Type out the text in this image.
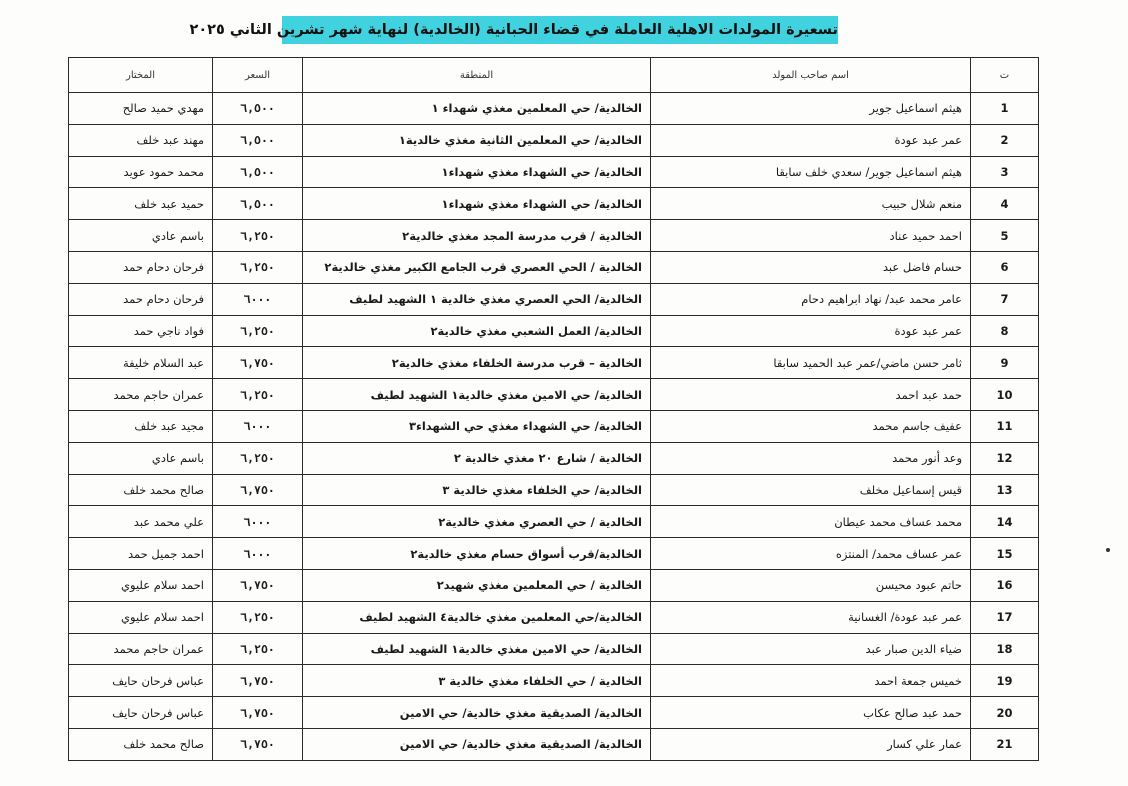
تسعيرة المولدات الاهلية العاملة في قضاء الحبانية (الخالدية) لنهاية شهر تشرين الثاني ٢٠٢٥
ت	اسم صاحب المولد	المنطقة	السعر	المختار
1	هيثم اسماعيل جوير	الخالدية/ حي المعلمين مغذي شهداء ١	٦,٥٠٠	مهدي حميد صالح
2	عمر عبد عودة	الخالدية/ حي المعلمين الثانية مغذي خالدية١	٦,٥٠٠	مهند عبد خلف
3	هيثم اسماعيل جوير/ سعدي خلف سابقا	الخالدية/ حي الشهداء مغذي شهداء١	٦,٥٠٠	محمد حمود عويد
4	منعم شلال حبيب	الخالدية/ حي الشهداء مغذي شهداء١	٦,٥٠٠	حميد عبد خلف
5	احمد حميد عناد	الخالدية / قرب مدرسة المجد مغذي خالدية٢	٦,٢٥٠	باسم عادي
6	حسام فاضل عبد	الخالدية / الحي العصري قرب الجامع الكبير مغذي خالدية٢	٦,٢٥٠	فرحان دحام حمد
7	عامر محمد عبد/ نهاد ابراهيم دحام	الخالدية/ الحي العصري مغذي خالدية ١ الشهيد لطيف	٦٠٠٠	فرحان دحام حمد
8	عمر عبد عودة	الخالدية/ العمل الشعبي مغذي خالدية٢	٦,٢٥٠	فواد ناجي حمد
9	ثامر حسن ماضي/عمر عبد الحميد سابقا	الخالدية – قرب مدرسة الخلفاء مغذي خالدية٢	٦,٧٥٠	عبد السلام خليفة
10	حمد عبد احمد	الخالدية/ حي الامين مغذي خالدية١ الشهيد لطيف	٦,٢٥٠	عمران حاجم محمد
11	عفيف جاسم محمد	الخالدية/ حي الشهداء مغذي حي الشهداء٣	٦٠٠٠	مجيد عبد خلف
12	وعد أنور محمد	الخالدية / شارع ٢٠ مغذي خالدية ٢	٦,٢٥٠	باسم عادي
13	قيس إسماعيل مخلف	الخالدية/ حي الخلفاء مغذي خالدية ٣	٦,٧٥٠	صالح محمد خلف
14	محمد عساف محمد عيطان	الخالدية / حي العصري مغذي خالدية٢	٦٠٠٠	علي محمد عبد
15	عمر عساف محمد/ المنتزه	الخالدية/قرب أسواق حسام مغذي خالدية٢	٦٠٠٠	احمد جميل حمد
16	حاتم عبود محيسن	الخالدية / حي المعلمين مغذي شهيد٢	٦,٧٥٠	احمد سلام عليوي
17	عمر عبد عودة/ الغسانية	الخالدية/حي المعلمين مغذي خالدية٤ الشهيد لطيف	٦,٢٥٠	احمد سلام عليوي
18	ضياء الدين صبار عبد	الخالدية/ حي الامين مغذي خالدية١ الشهيد لطيف	٦,٢٥٠	عمران حاجم محمد
19	خميس جمعة احمد	الخالدية / حي الخلفاء مغذي خالدية ٣	٦,٧٥٠	عباس فرحان حايف
20	حمد عبد صالح عكاب	الخالدية/ الصديقية مغذي خالدية/ حي الامين	٦,٧٥٠	عباس فرحان حايف
21	عمار علي كسار	الخالدية/ الصديقية مغذي خالدية/ حي الامين	٦,٧٥٠	صالح محمد خلف
